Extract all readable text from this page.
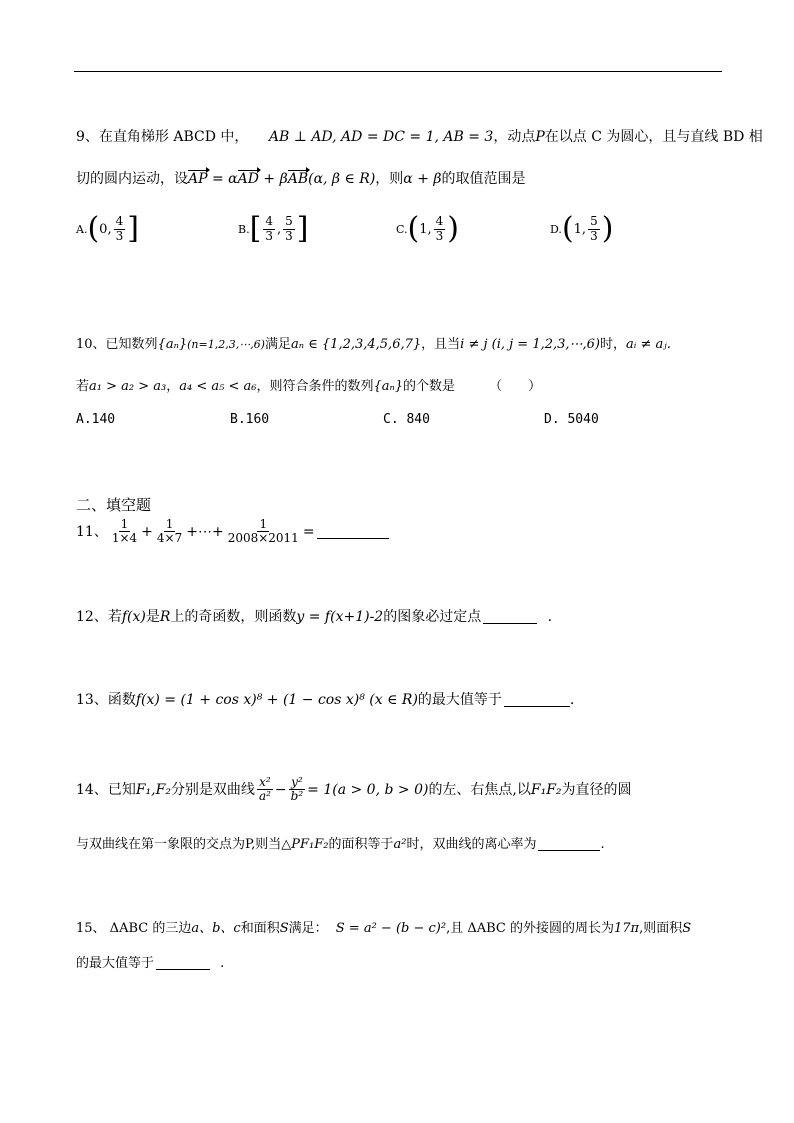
9、在直角梯形 ABCD 中， AB ⊥ AD, AD = DC = 1, AB = 3，动点P在以点 C 为圆心，且与直线 BD 相
切的圆内运动，设AP = αAD + βAB(α, β ∈ R)，则α + β的取值范围是
A. ( 0, $\frac{4}{3}$ ]	B. [ $\frac{4}{3}$ , $\frac{5}{3}$ ]	C. ( 1, $\frac{4}{3}$ )	D. ( 1, $\frac{5}{3}$ )
10、已知数列{aₙ}(n=1,2,3,⋯,6)满足aₙ ∈ {1,2,3,4,5,6,7}，且当i ≠ j (i, j = 1,2,3,⋯,6)时，aᵢ ≠ aⱼ.
若a₁ > a₂ > a₃，a₄ < a₅ < a₆，则符合条件的数列{aₙ}的个数是	（　　）
A.140	B.160	C. 840	D. 5040
二、填空题
11、 $\frac{1}{1\times 4} + \frac{1}{4\times 7}$ +⋯+ $\frac{1}{2008\times 2011}$ =
12、若f(x)是R上的奇函数，则函数y = f(x+1)-2的图象必过定点	.
13、函数f(x) = (1 + cos x)⁸ + (1 − cos x)⁸ (x ∈ R)的最大值等于	.
14、已知 F₁,F₂ 分别是双曲线 $\frac{\text{x²}}{\text{a²}} - \frac{\text{y²}}{\text{b²}} = 1(a > 0$, b > 0) 的左、右焦点,以 F₁F₂ 为直径的圆
与双曲线在第一象限的交点为P,则当△PF₁F₂的面积等于a²时，双曲线的离心率为	.
15、 ΔABC 的三边a、b、c和面积S满足： S = a² − (b − c)²,且 ΔABC 的外接圆的周长为17π,则面积S
的最大值等于	.
